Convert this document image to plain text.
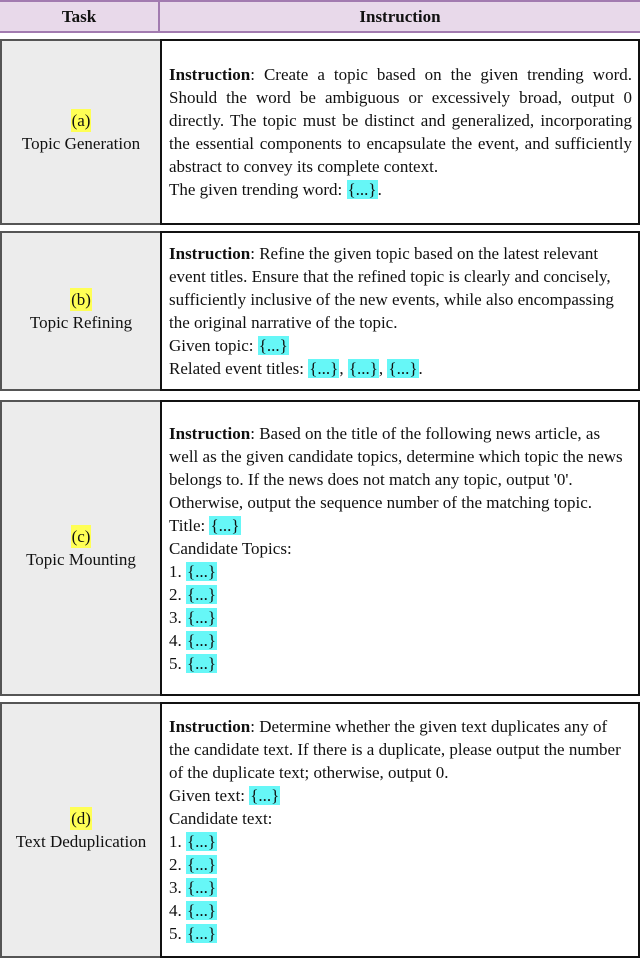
Task	Instruction
(a)
Topic Generation
Instruction: Create a topic based on the given trending word. Should the word be ambiguous or excessively broad, output 0 directly. The topic must be distinct and generalized, incorporating the essential components to encapsulate the event, and sufficiently abstract to convey its complete context.
The given trending word: {...}.
(b)
Topic Refining
Instruction: Refine the given topic based on the latest relevant event titles. Ensure that the refined topic is clearly and concisely, sufficiently inclusive of the new events, while also encompassing the original narrative of the topic.
Given topic: {...}
Related event titles: {...}, {...}, {...}.
(c)
Topic Mounting
Instruction: Based on the title of the following news article, as well as the given candidate topics, determine which topic the news belongs to. If the news does not match any topic, output '0'. Otherwise, output the sequence number of the matching topic.
Title: {...}
Candidate Topics:
1. {...}
2. {...}
3. {...}
4. {...}
5. {...}
(d)
Text Deduplication
Instruction: Determine whether the given text duplicates any of the candidate text. If there is a duplicate, please output the number of the duplicate text; otherwise, output 0.
Given text: {...}
Candidate text:
1. {...}
2. {...}
3. {...}
4. {...}
5. {...}
